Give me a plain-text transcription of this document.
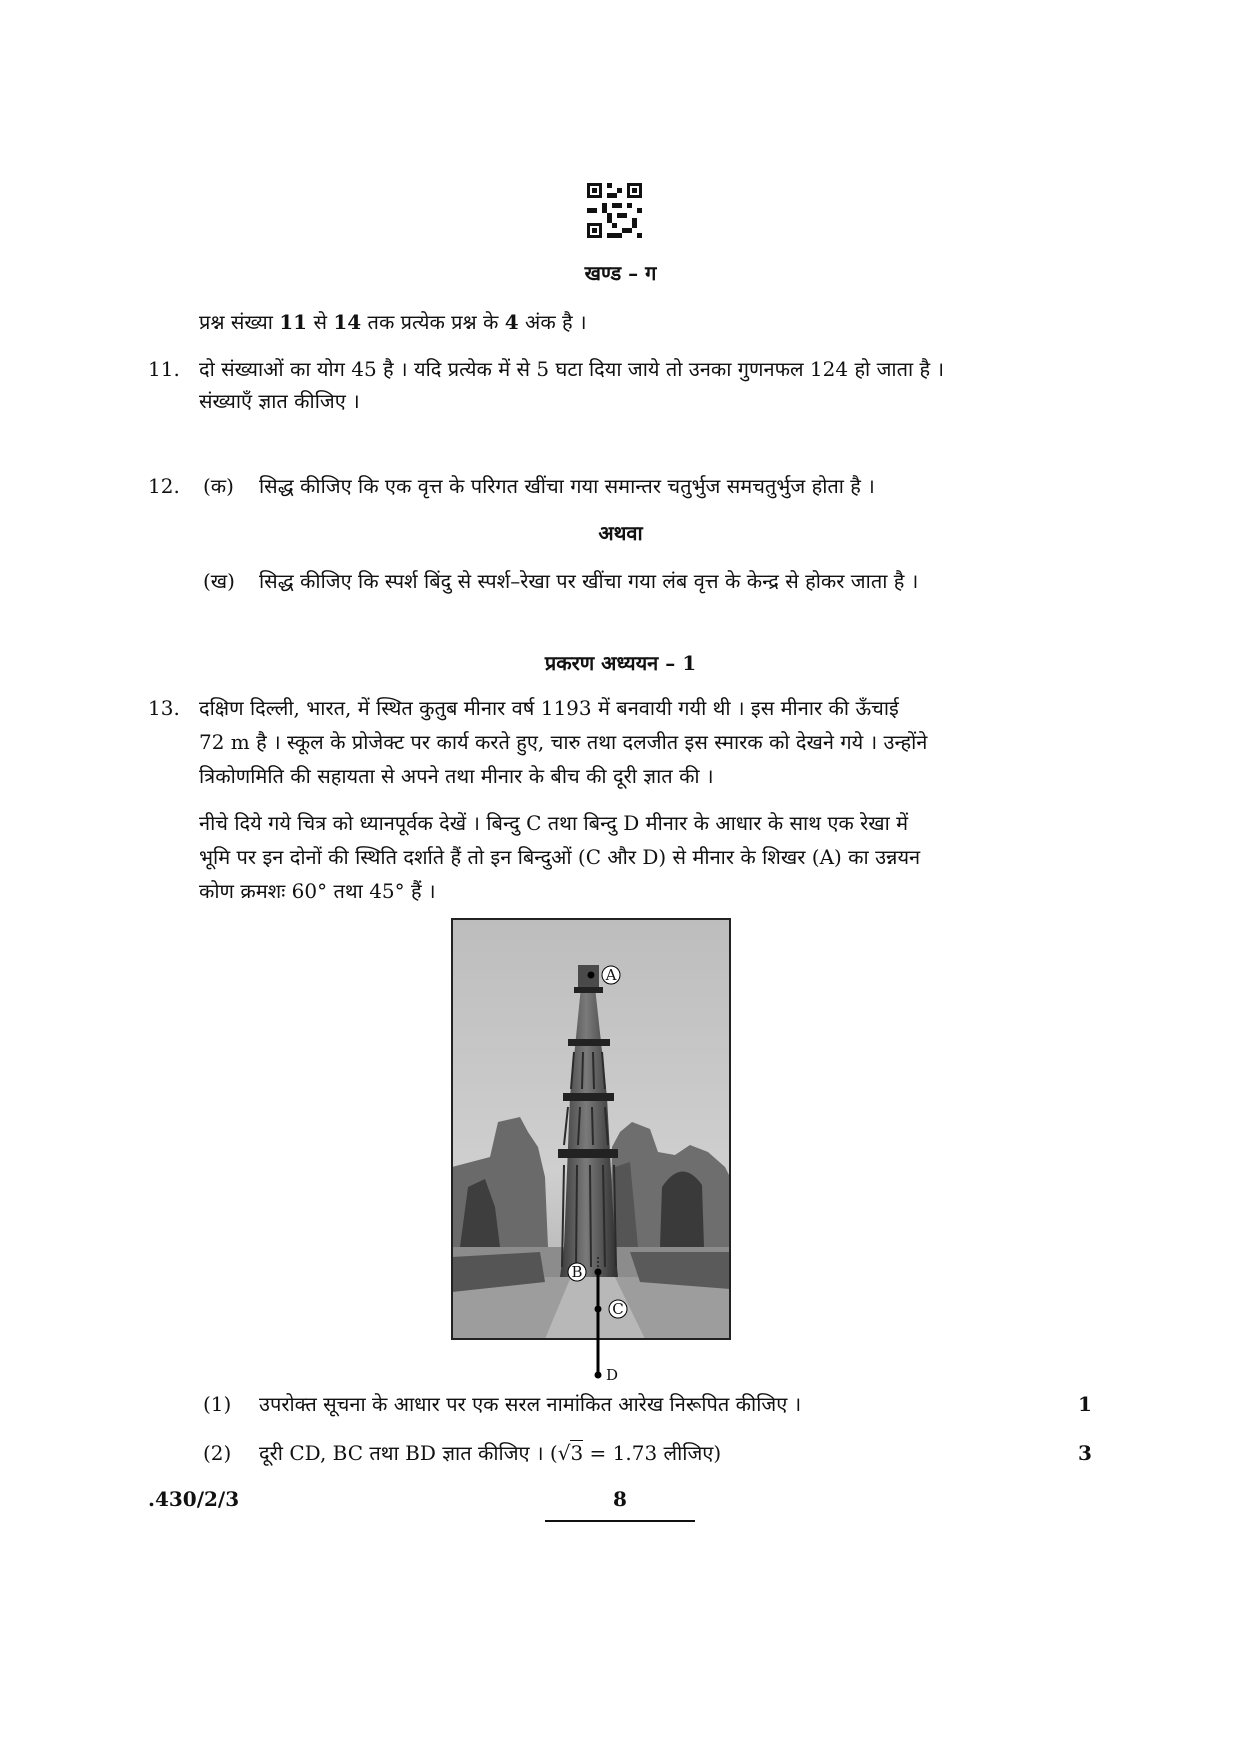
खण्ड – ग
प्रश्न संख्या 11 से 14 तक प्रत्येक प्रश्न के 4 अंक है ।
11. दो संख्याओं का योग 45 है । यदि प्रत्येक में से 5 घटा दिया जाये तो उनका गुणनफल 124 हो जाता है ।
संख्याएँ ज्ञात कीजिए ।
12. (क) सिद्ध कीजिए कि एक वृत्त के परिगत खींचा गया समान्तर चतुर्भुज समचतुर्भुज होता है ।
अथवा
(ख) सिद्ध कीजिए कि स्पर्श बिंदु से स्पर्श–रेखा पर खींचा गया लंब वृत्त के केन्द्र से होकर जाता है ।
प्रकरण अध्ययन – 1
13. दक्षिण दिल्ली, भारत, में स्थित कुतुब मीनार वर्ष 1193 में बनवायी गयी थी । इस मीनार की ऊँचाई
72 m है । स्कूल के प्रोजेक्ट पर कार्य करते हुए, चारु तथा दलजीत इस स्मारक को देखने गये । उन्होंने
त्रिकोणमिति की सहायता से अपने तथा मीनार के बीच की दूरी ज्ञात की ।
नीचे दिये गये चित्र को ध्यानपूर्वक देखें । बिन्दु C तथा बिन्दु D मीनार के आधार के साथ एक रेखा में
भूमि पर इन दोनों की स्थिति दर्शाते हैं तो इन बिन्दुओं (C और D) से मीनार के शिखर (A) का उन्नयन
कोण क्रमशः 60° तथा 45° हैं ।
A
B
C
D
(1) उपरोक्त सूचना के आधार पर एक सरल नामांकित आरेख निरूपित कीजिए ।	1
(2) दूरी CD, BC तथा BD ज्ञात कीजिए । (√3 = 1.73 लीजिए)	3
.430/2/3	8
